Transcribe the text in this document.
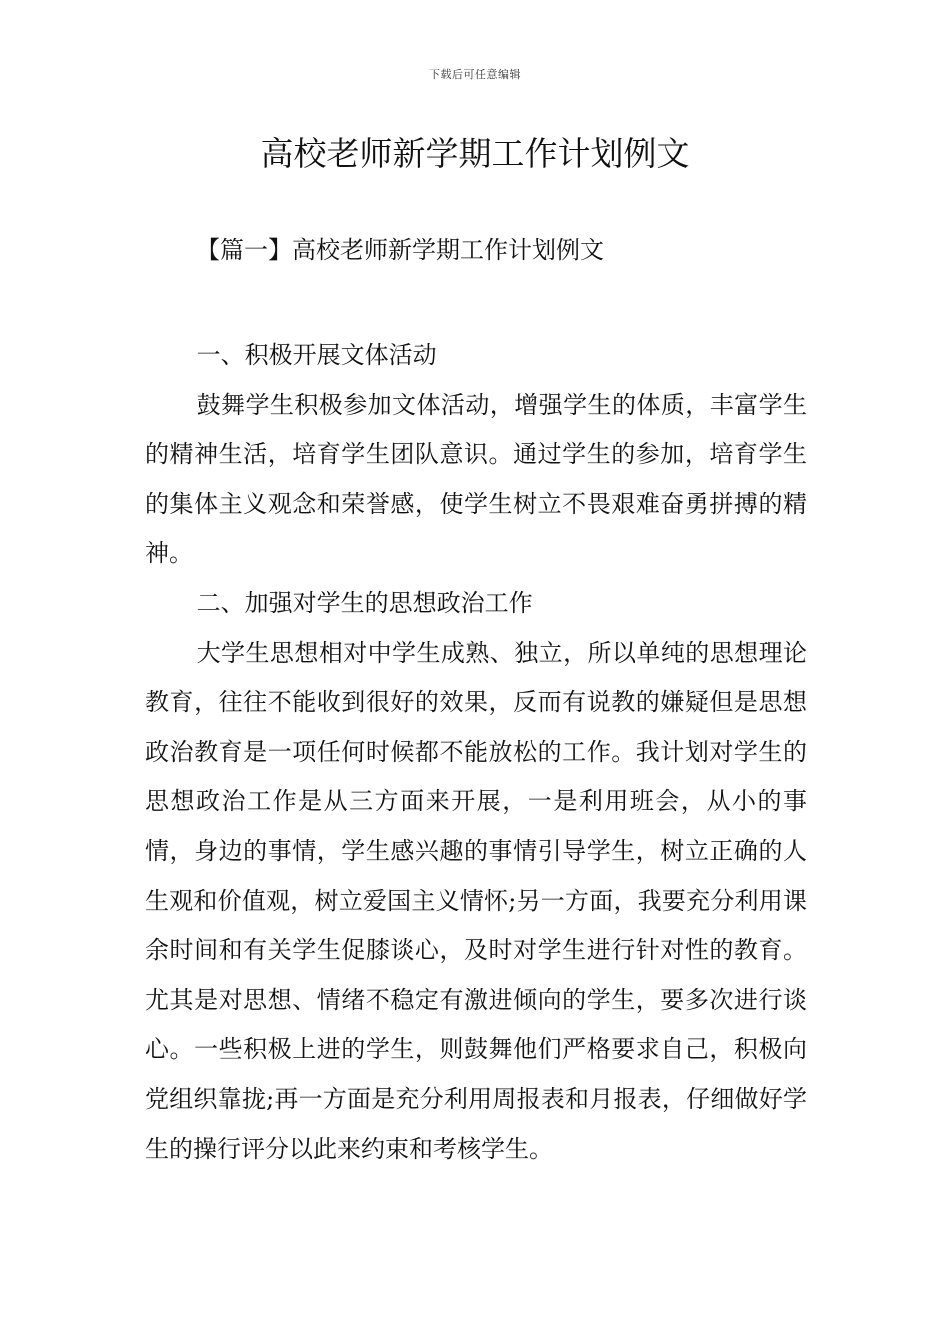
下载后可任意编辑
高校老师新学期工作计划例文
【篇一】高校老师新学期工作计划例文

一、积极开展文体活动

鼓舞学生积极参加文体活动，增强学生的体质，丰富学生的精神生活，培育学生团队意识。通过学生的参加，培育学生的集体主义观念和荣誉感，使学生树立不畏艰难奋勇拼搏的精神。

二、加强对学生的思想政治工作

大学生思想相对中学生成熟、独立，所以单纯的思想理论教育，往往不能收到很好的效果，反而有说教的嫌疑但是思想政治教育是一项任何时候都不能放松的工作。我计划对学生的思想政治工作是从三方面来开展，一是利用班会，从小的事情，身边的事情，学生感兴趣的事情引导学生，树立正确的人生观和价值观，树立爱国主义情怀;另一方面，我要充分利用课余时间和有关学生促膝谈心，及时对学生进行针对性的教育。尤其是对思想、情绪不稳定有激进倾向的学生，要多次进行谈心。一些积极上进的学生，则鼓舞他们严格要求自己，积极向党组织靠拢;再一方面是充分利用周报表和月报表，仔细做好学生的操行评分以此来约束和考核学生。
